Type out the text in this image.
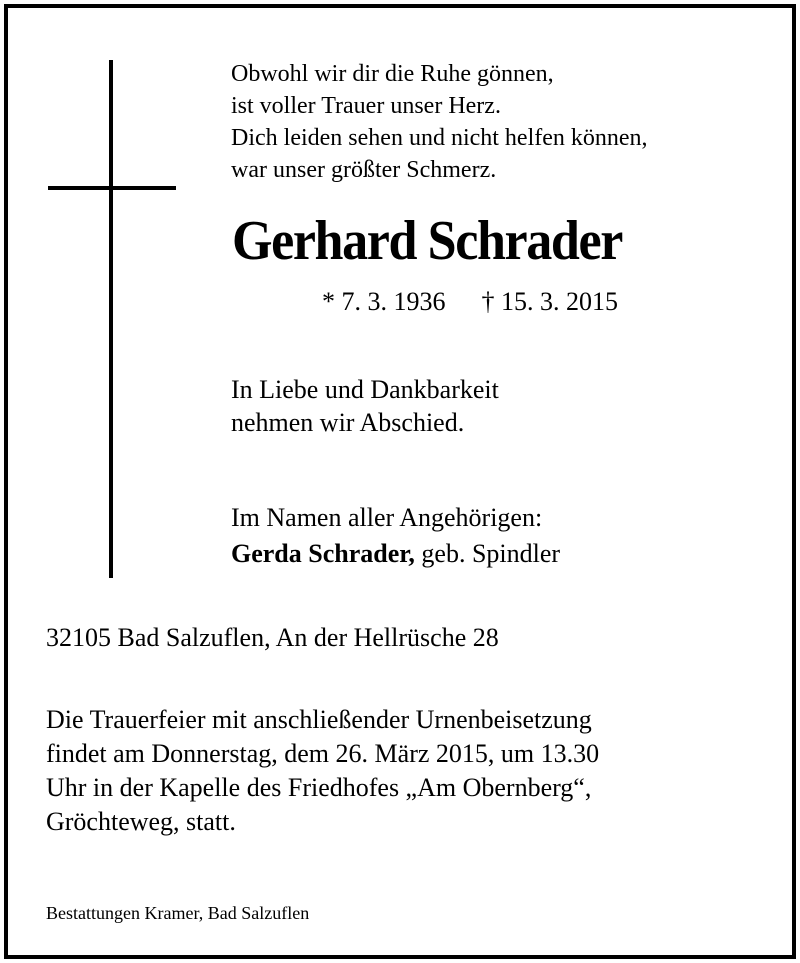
Obwohl wir dir die Ruhe gönnen,
ist voller Trauer unser Herz.
Dich leiden sehen und nicht helfen können,
war unser größter Schmerz.
Gerhard Schrader
* 7. 3. 1936 † 15. 3. 2015
In Liebe und Dankbarkeit
nehmen wir Abschied.
Im Namen aller Angehörigen:
Gerda Schrader, geb. Spindler
32105 Bad Salzuflen, An der Hellrüsche 28
Die Trauerfeier mit anschließender Urnenbeisetzung
findet am Donnerstag, dem 26. März 2015, um 13.30
Uhr in der Kapelle des Friedhofes „Am Obernberg“,
Gröchteweg, statt.
Bestattungen Kramer, Bad Salzuflen
